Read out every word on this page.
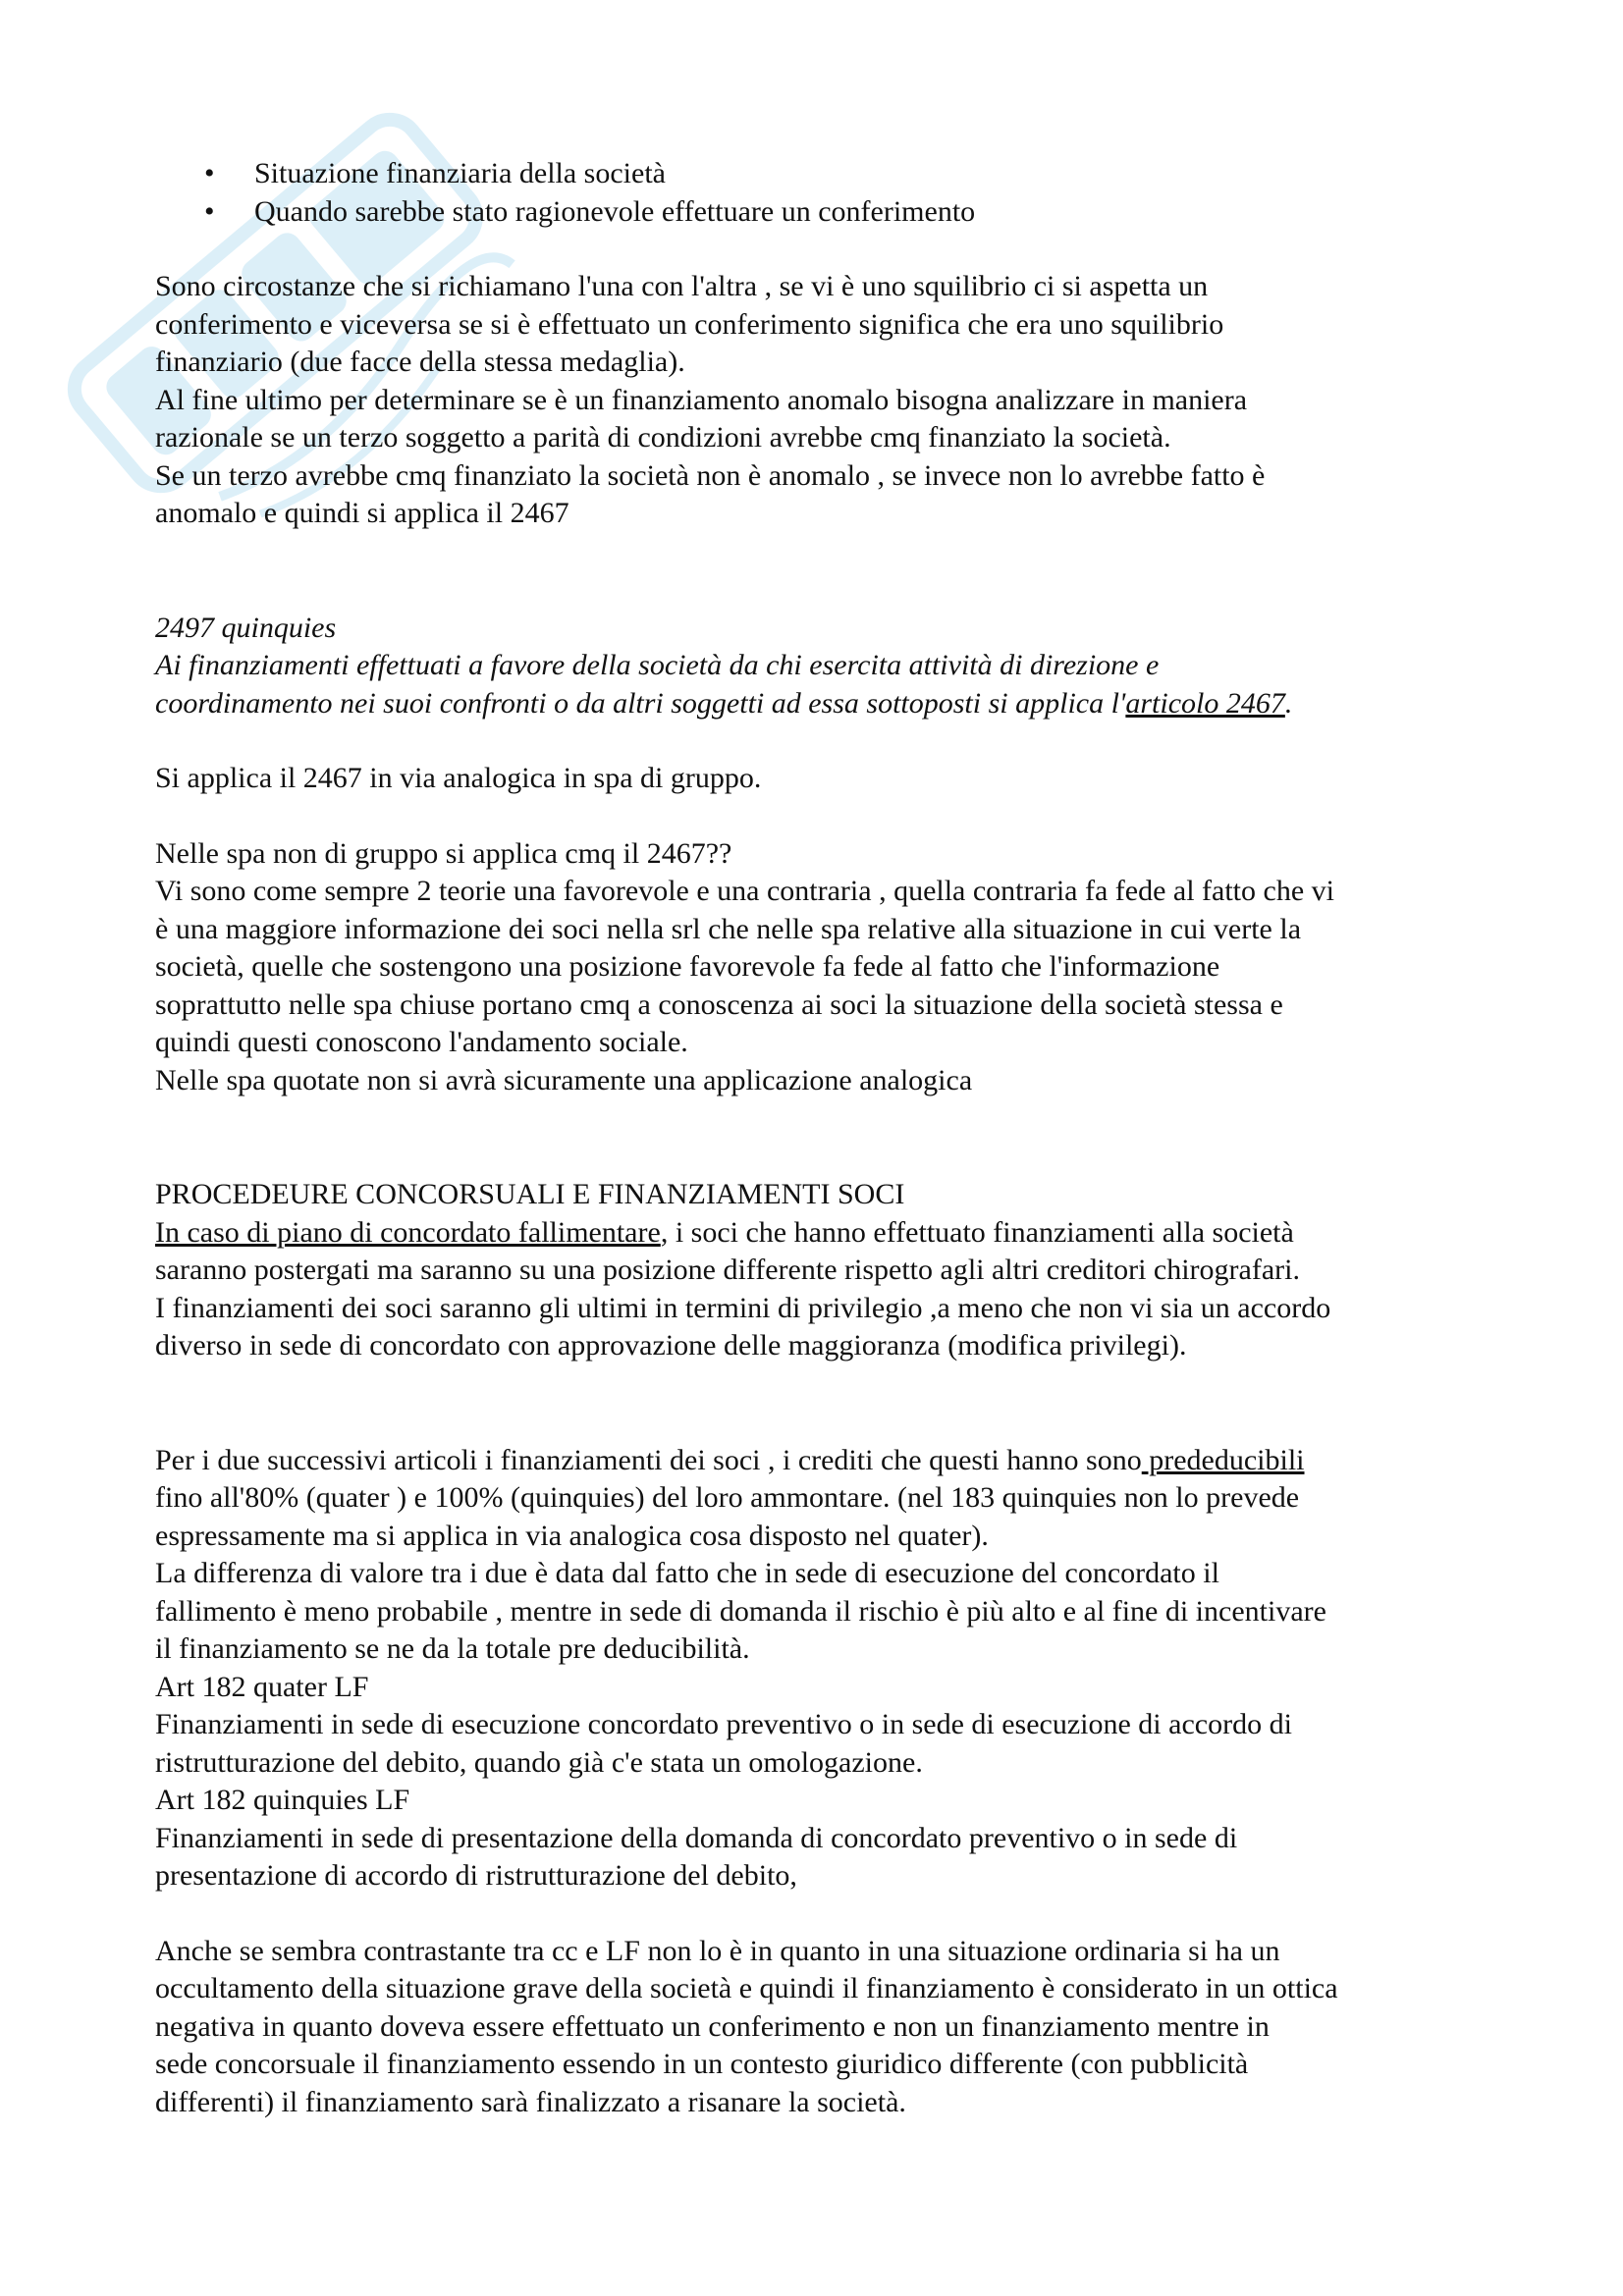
• Situazione finanziaria della società
• Quando sarebbe stato ragionevole effettuare un conferimento

Sono circostanze che si richiamano l'una con l'altra , se vi è uno squilibrio ci si aspetta un

conferimento e viceversa se si è effettuato un conferimento significa che era uno squilibrio

finanziario (due facce della stessa medaglia).

Al fine ultimo per determinare se è un finanziamento anomalo bisogna analizzare in maniera

razionale se un terzo soggetto a parità di condizioni avrebbe cmq finanziato la società.

Se un terzo avrebbe cmq finanziato la società non è anomalo , se invece non lo avrebbe fatto è

anomalo e quindi si applica il 2467

2497 quinquies

Ai finanziamenti effettuati a favore della società da chi esercita attività di direzione e

coordinamento nei suoi confronti o da altri soggetti ad essa sottoposti si applica l'articolo 2467.

Si applica il 2467 in via analogica in spa di gruppo.

Nelle spa non di gruppo si applica cmq il 2467??

Vi sono come sempre 2 teorie una favorevole e una contraria , quella contraria fa fede al fatto che vi

è una maggiore informazione dei soci nella srl che nelle spa relative alla situazione in cui verte la

società, quelle che sostengono una posizione favorevole fa fede al fatto che l'informazione

soprattutto nelle spa chiuse portano cmq a conoscenza ai soci la situazione della società stessa e

quindi questi conoscono l'andamento sociale.

Nelle spa quotate non si avrà sicuramente una applicazione analogica

PROCEDEURE CONCORSUALI E FINANZIAMENTI SOCI

In caso di piano di concordato fallimentare, i soci che hanno effettuato finanziamenti alla società

saranno postergati ma saranno su una posizione differente rispetto agli altri creditori chirografari.

I finanziamenti dei soci saranno gli ultimi in termini di privilegio ,a meno che non vi sia un accordo

diverso in sede di concordato con approvazione delle maggioranza (modifica privilegi).

Per i due successivi articoli i finanziamenti dei soci , i crediti che questi hanno sono prededucibili

fino all'80% (quater ) e 100% (quinquies) del loro ammontare. (nel 183 quinquies non lo prevede

espressamente ma si applica in via analogica cosa disposto nel quater).

La differenza di valore tra i due è data dal fatto che in sede di esecuzione del concordato il

fallimento è meno probabile , mentre in sede di domanda il rischio è più alto e al fine di incentivare

il finanziamento se ne da la totale pre deducibilità.

Art 182 quater LF

Finanziamenti in sede di esecuzione concordato preventivo o in sede di esecuzione di accordo di

ristrutturazione del debito, quando già c'e stata un omologazione.

Art 182 quinquies LF

Finanziamenti in sede di presentazione della domanda di concordato preventivo o in sede di

presentazione di accordo di ristrutturazione del debito,

Anche se sembra contrastante tra cc e LF non lo è in quanto in una situazione ordinaria si ha un

occultamento della situazione grave della società e quindi il finanziamento è considerato in un ottica

negativa in quanto doveva essere effettuato un conferimento e non un finanziamento mentre in

sede concorsuale il finanziamento essendo in un contesto giuridico differente (con pubblicità

differenti) il finanziamento sarà finalizzato a risanare la società.
